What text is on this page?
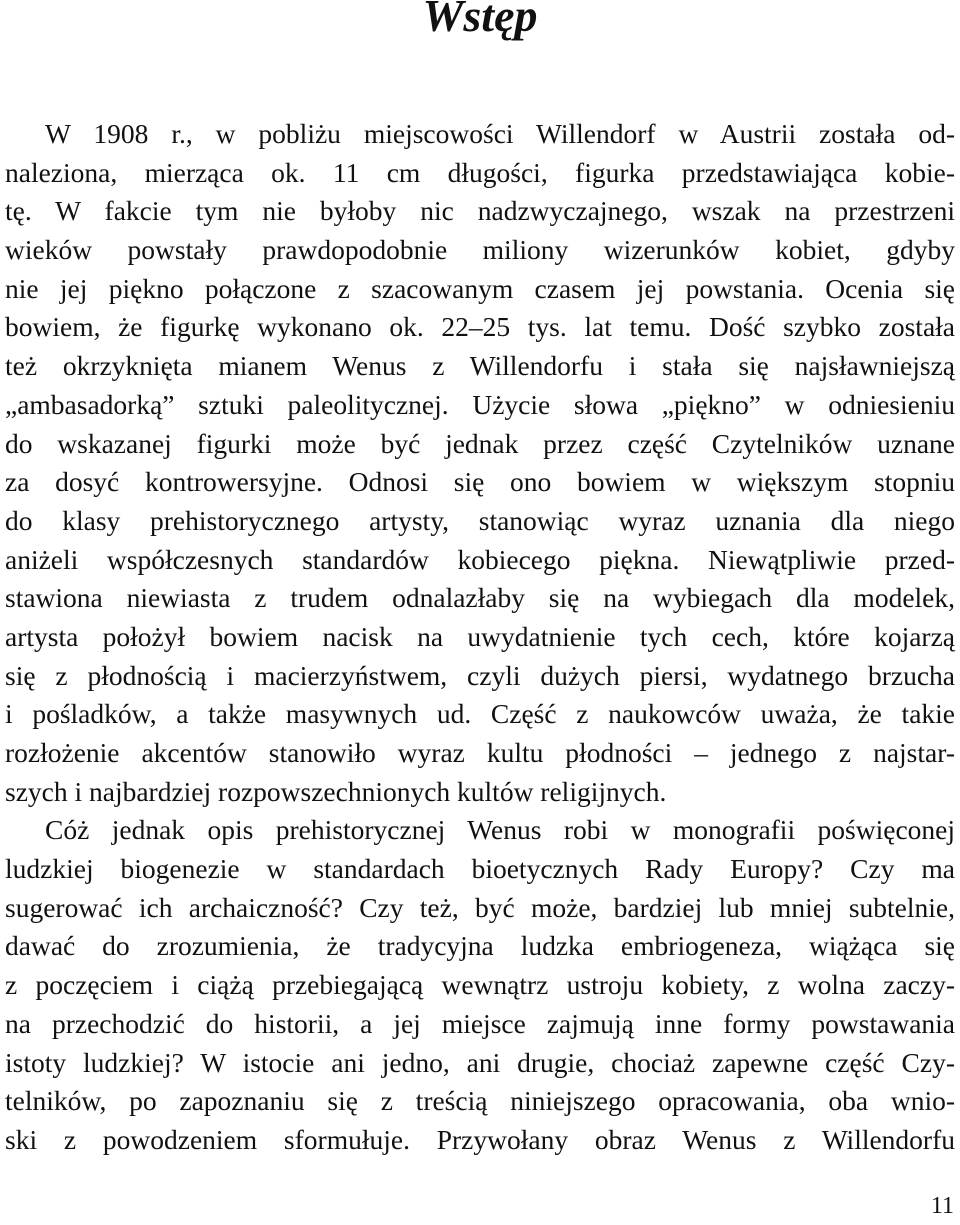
Wstęp
W 1908 r., w pobliżu miejscowości Willendorf w Austrii została od-
naleziona, mierząca ok. 11 cm długości, figurka przedstawiająca kobie-
tę. W fakcie tym nie byłoby nic nadzwyczajnego, wszak na przestrzeni
wieków powstały prawdopodobnie miliony wizerunków kobiet, gdyby
nie jej piękno połączone z szacowanym czasem jej powstania. Ocenia się
bowiem, że figurkę wykonano ok. 22–25 tys. lat temu. Dość szybko została
też okrzyknięta mianem Wenus z Willendorfu i stała się najsławniejszą
„ambasadorką” sztuki paleolitycznej. Użycie słowa „piękno” w odniesieniu
do wskazanej figurki może być jednak przez część Czytelników uznane
za dosyć kontrowersyjne. Odnosi się ono bowiem w większym stopniu
do klasy prehistorycznego artysty, stanowiąc wyraz uznania dla niego
aniżeli współczesnych standardów kobiecego piękna. Niewątpliwie przed-
stawiona niewiasta z trudem odnalazłaby się na wybiegach dla modelek,
artysta położył bowiem nacisk na uwydatnienie tych cech, które kojarzą
się z płodnością i macierzyństwem, czyli dużych piersi, wydatnego brzucha
i pośladków, a także masywnych ud. Część z naukowców uważa, że takie
rozłożenie akcentów stanowiło wyraz kultu płodności – jednego z najstar-
szych i najbardziej rozpowszechnionych kultów religijnych.
Cóż jednak opis prehistorycznej Wenus robi w monografii poświęconej
ludzkiej biogenezie w standardach bioetycznych Rady Europy? Czy ma
sugerować ich archaiczność? Czy też, być może, bardziej lub mniej subtelnie,
dawać do zrozumienia, że tradycyjna ludzka embriogeneza, wiążąca się
z poczęciem i ciążą przebiegającą wewnątrz ustroju kobiety, z wolna zaczy-
na przechodzić do historii, a jej miejsce zajmują inne formy powstawania
istoty ludzkiej? W istocie ani jedno, ani drugie, chociaż zapewne część Czy-
telników, po zapoznaniu się z treścią niniejszego opracowania, oba wnio-
ski z powodzeniem sformułuje. Przywołany obraz Wenus z Willendorfu
11
